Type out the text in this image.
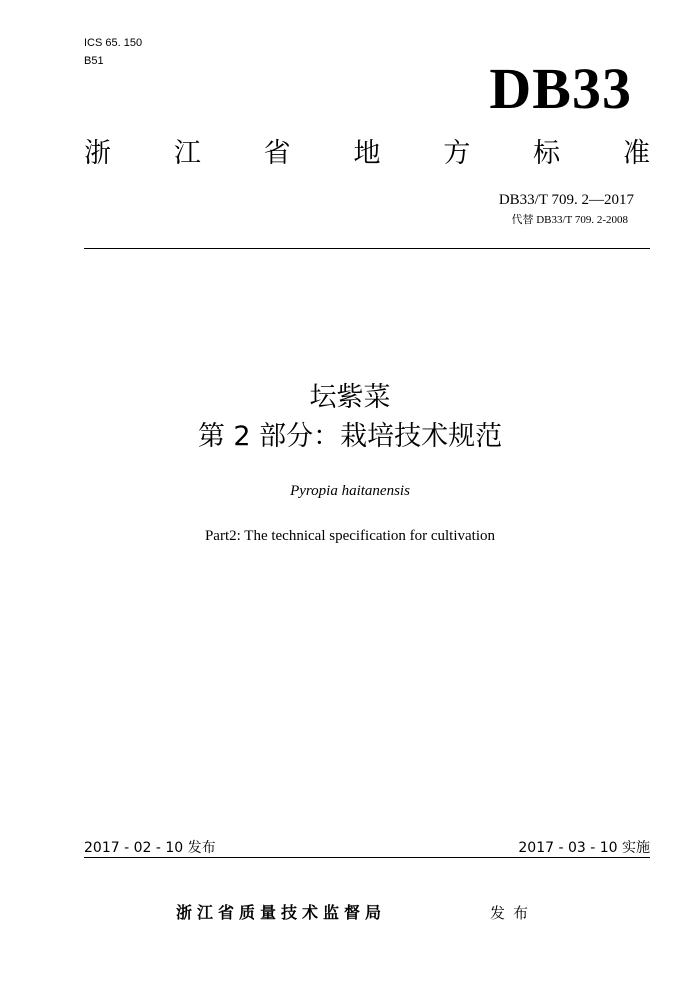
ICS 65. 150
B51	DB33
浙 江 省 地 方 标 准
DB33/T 709. 2—2017
代替 DB33/T 709. 2-2008
坛紫菜
第 2 部分：栽培技术规范
Pyropia haitanensis
Part2: The technical specification for cultivation
2017 - 02 - 10 发布	2017 - 03 - 10 实施
浙江省质量技术监督局	发布
